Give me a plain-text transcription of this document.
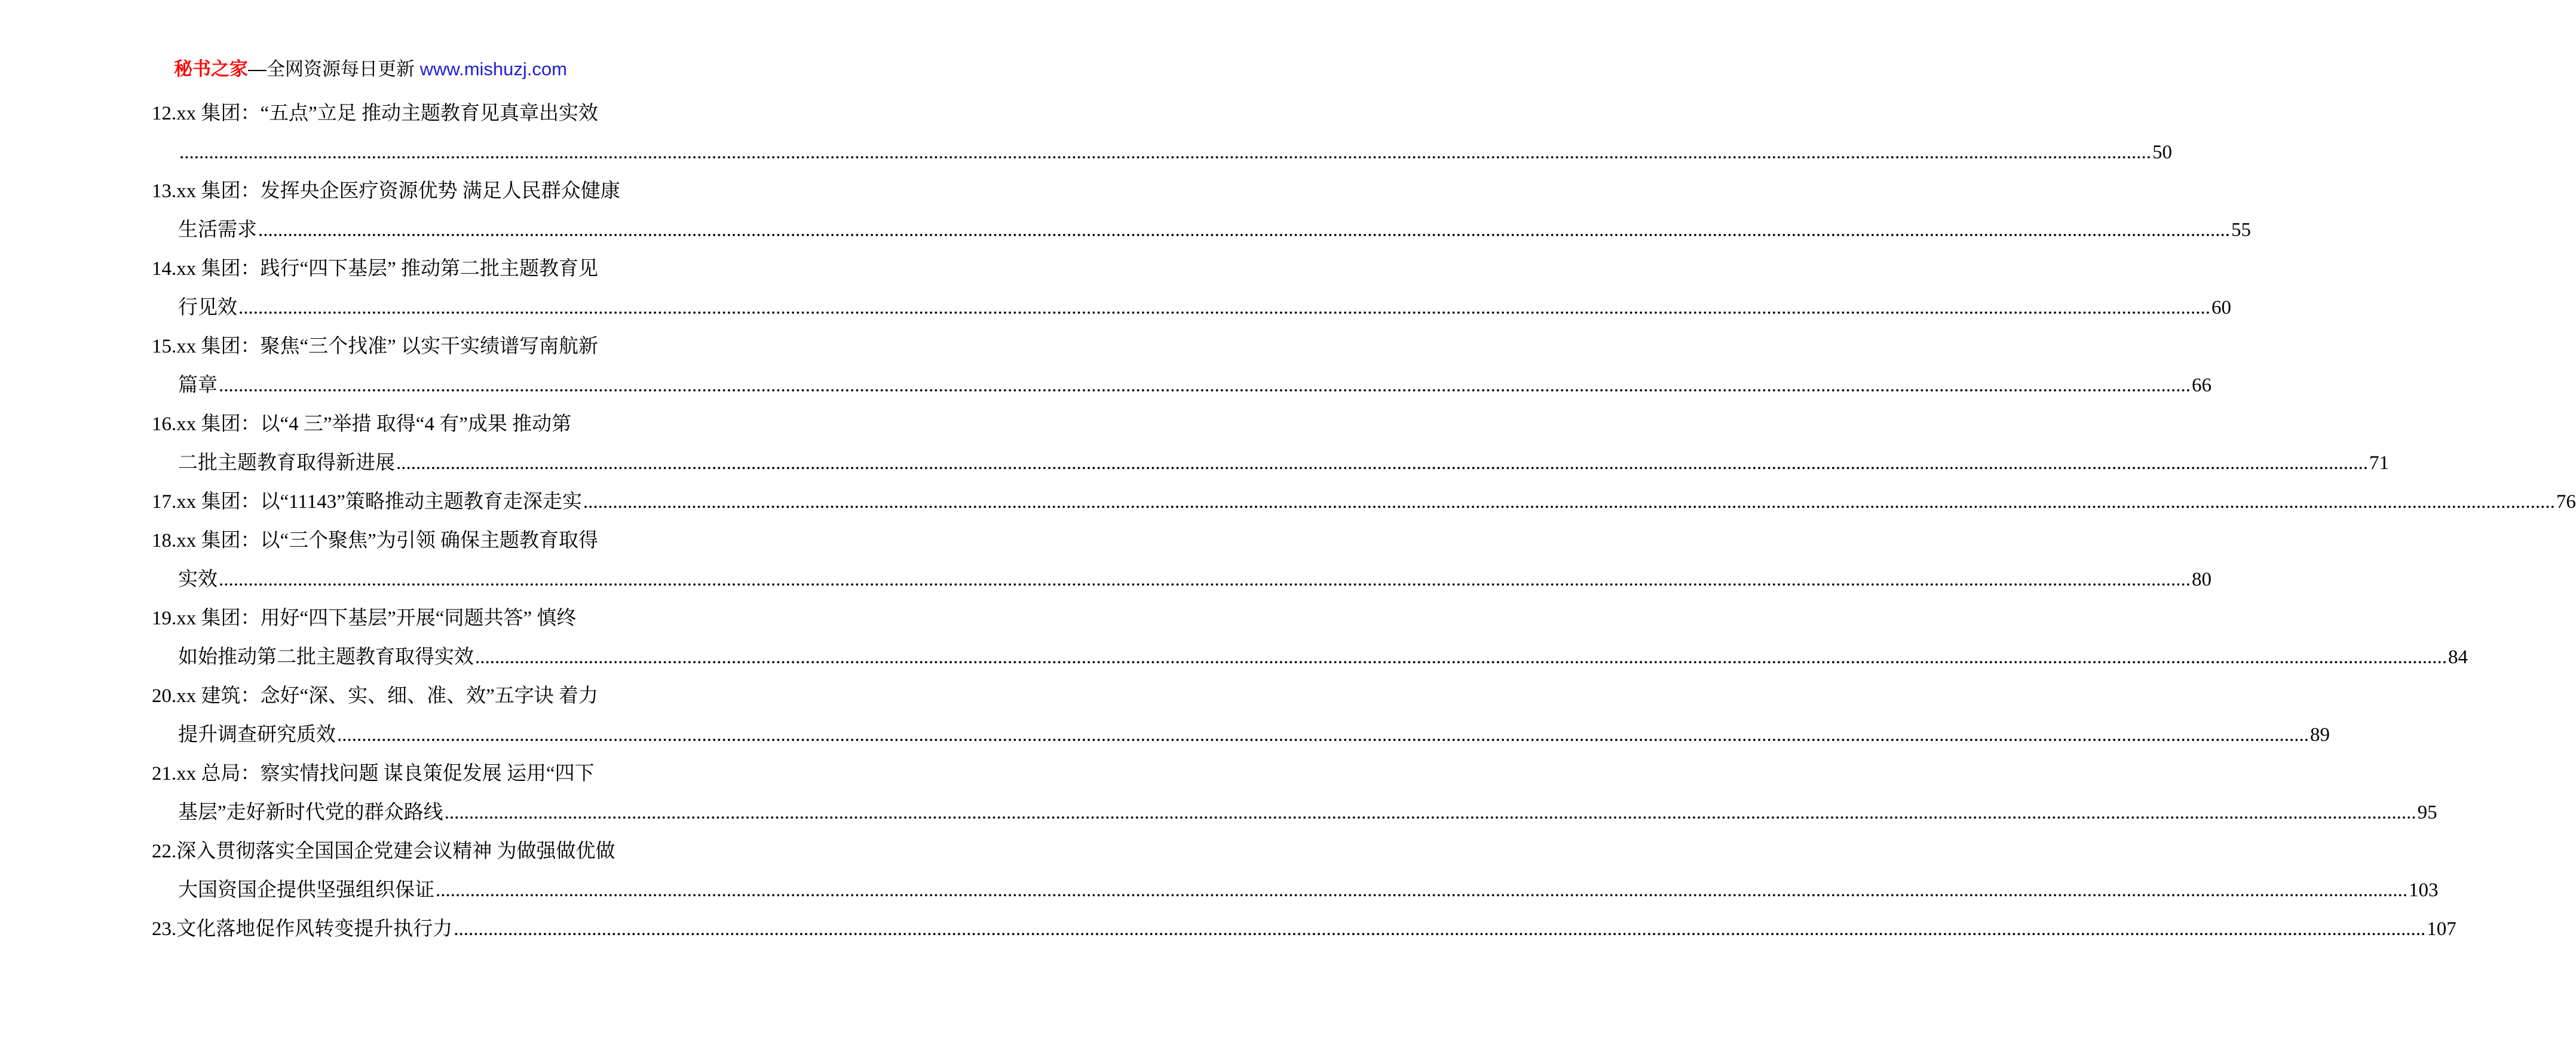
秘书之家—全网资源每日更新 www.mishuzj.com
12. xx 集团：“五点”立足 推动主题教育见真章出实效
................................................................................................................................................................................................................................................................................................................................................................................................................ 50
13. xx 集团：发挥央企医疗资源优势 满足人民群众健康
生活需求 ................................................................................................................................................................................................................................................................................................................................................................................................................ 55
14. xx 集团：践行“四下基层” 推动第二批主题教育见
行见效 ................................................................................................................................................................................................................................................................................................................................................................................................................ 60
15. xx 集团：聚焦“三个找准” 以实干实绩谱写南航新
篇章 ................................................................................................................................................................................................................................................................................................................................................................................................................ 66
16. xx 集团：以“4 三”举措 取得“4 有”成果 推动第
二批主题教育取得新进展 ................................................................................................................................................................................................................................................................................................................................................................................................................ 71
17. xx 集团：以“11143”策略推动主题教育走深走实 ................................................................................................................................................................................................................................................................................................................................................................................................................ 76
18. xx 集团：以“三个聚焦”为引领 确保主题教育取得
实效 ................................................................................................................................................................................................................................................................................................................................................................................................................ 80
19. xx 集团：用好“四下基层”开展“同题共答” 慎终
如始推动第二批主题教育取得实效 ................................................................................................................................................................................................................................................................................................................................................................................................................ 84
20. xx 建筑：念好“深、实、细、准、效”五字诀 着力
提升调查研究质效 ................................................................................................................................................................................................................................................................................................................................................................................................................ 89
21. xx 总局：察实情找问题 谋良策促发展 运用“四下
基层”走好新时代党的群众路线 ................................................................................................................................................................................................................................................................................................................................................................................................................ 95
22. 深入贯彻落实全国国企党建会议精神 为做强做优做
大国资国企提供坚强组织保证 ................................................................................................................................................................................................................................................................................................................................................................................................................ 103
23. 文化落地促作风转变提升执行力 ................................................................................................................................................................................................................................................................................................................................................................................................................ 107
